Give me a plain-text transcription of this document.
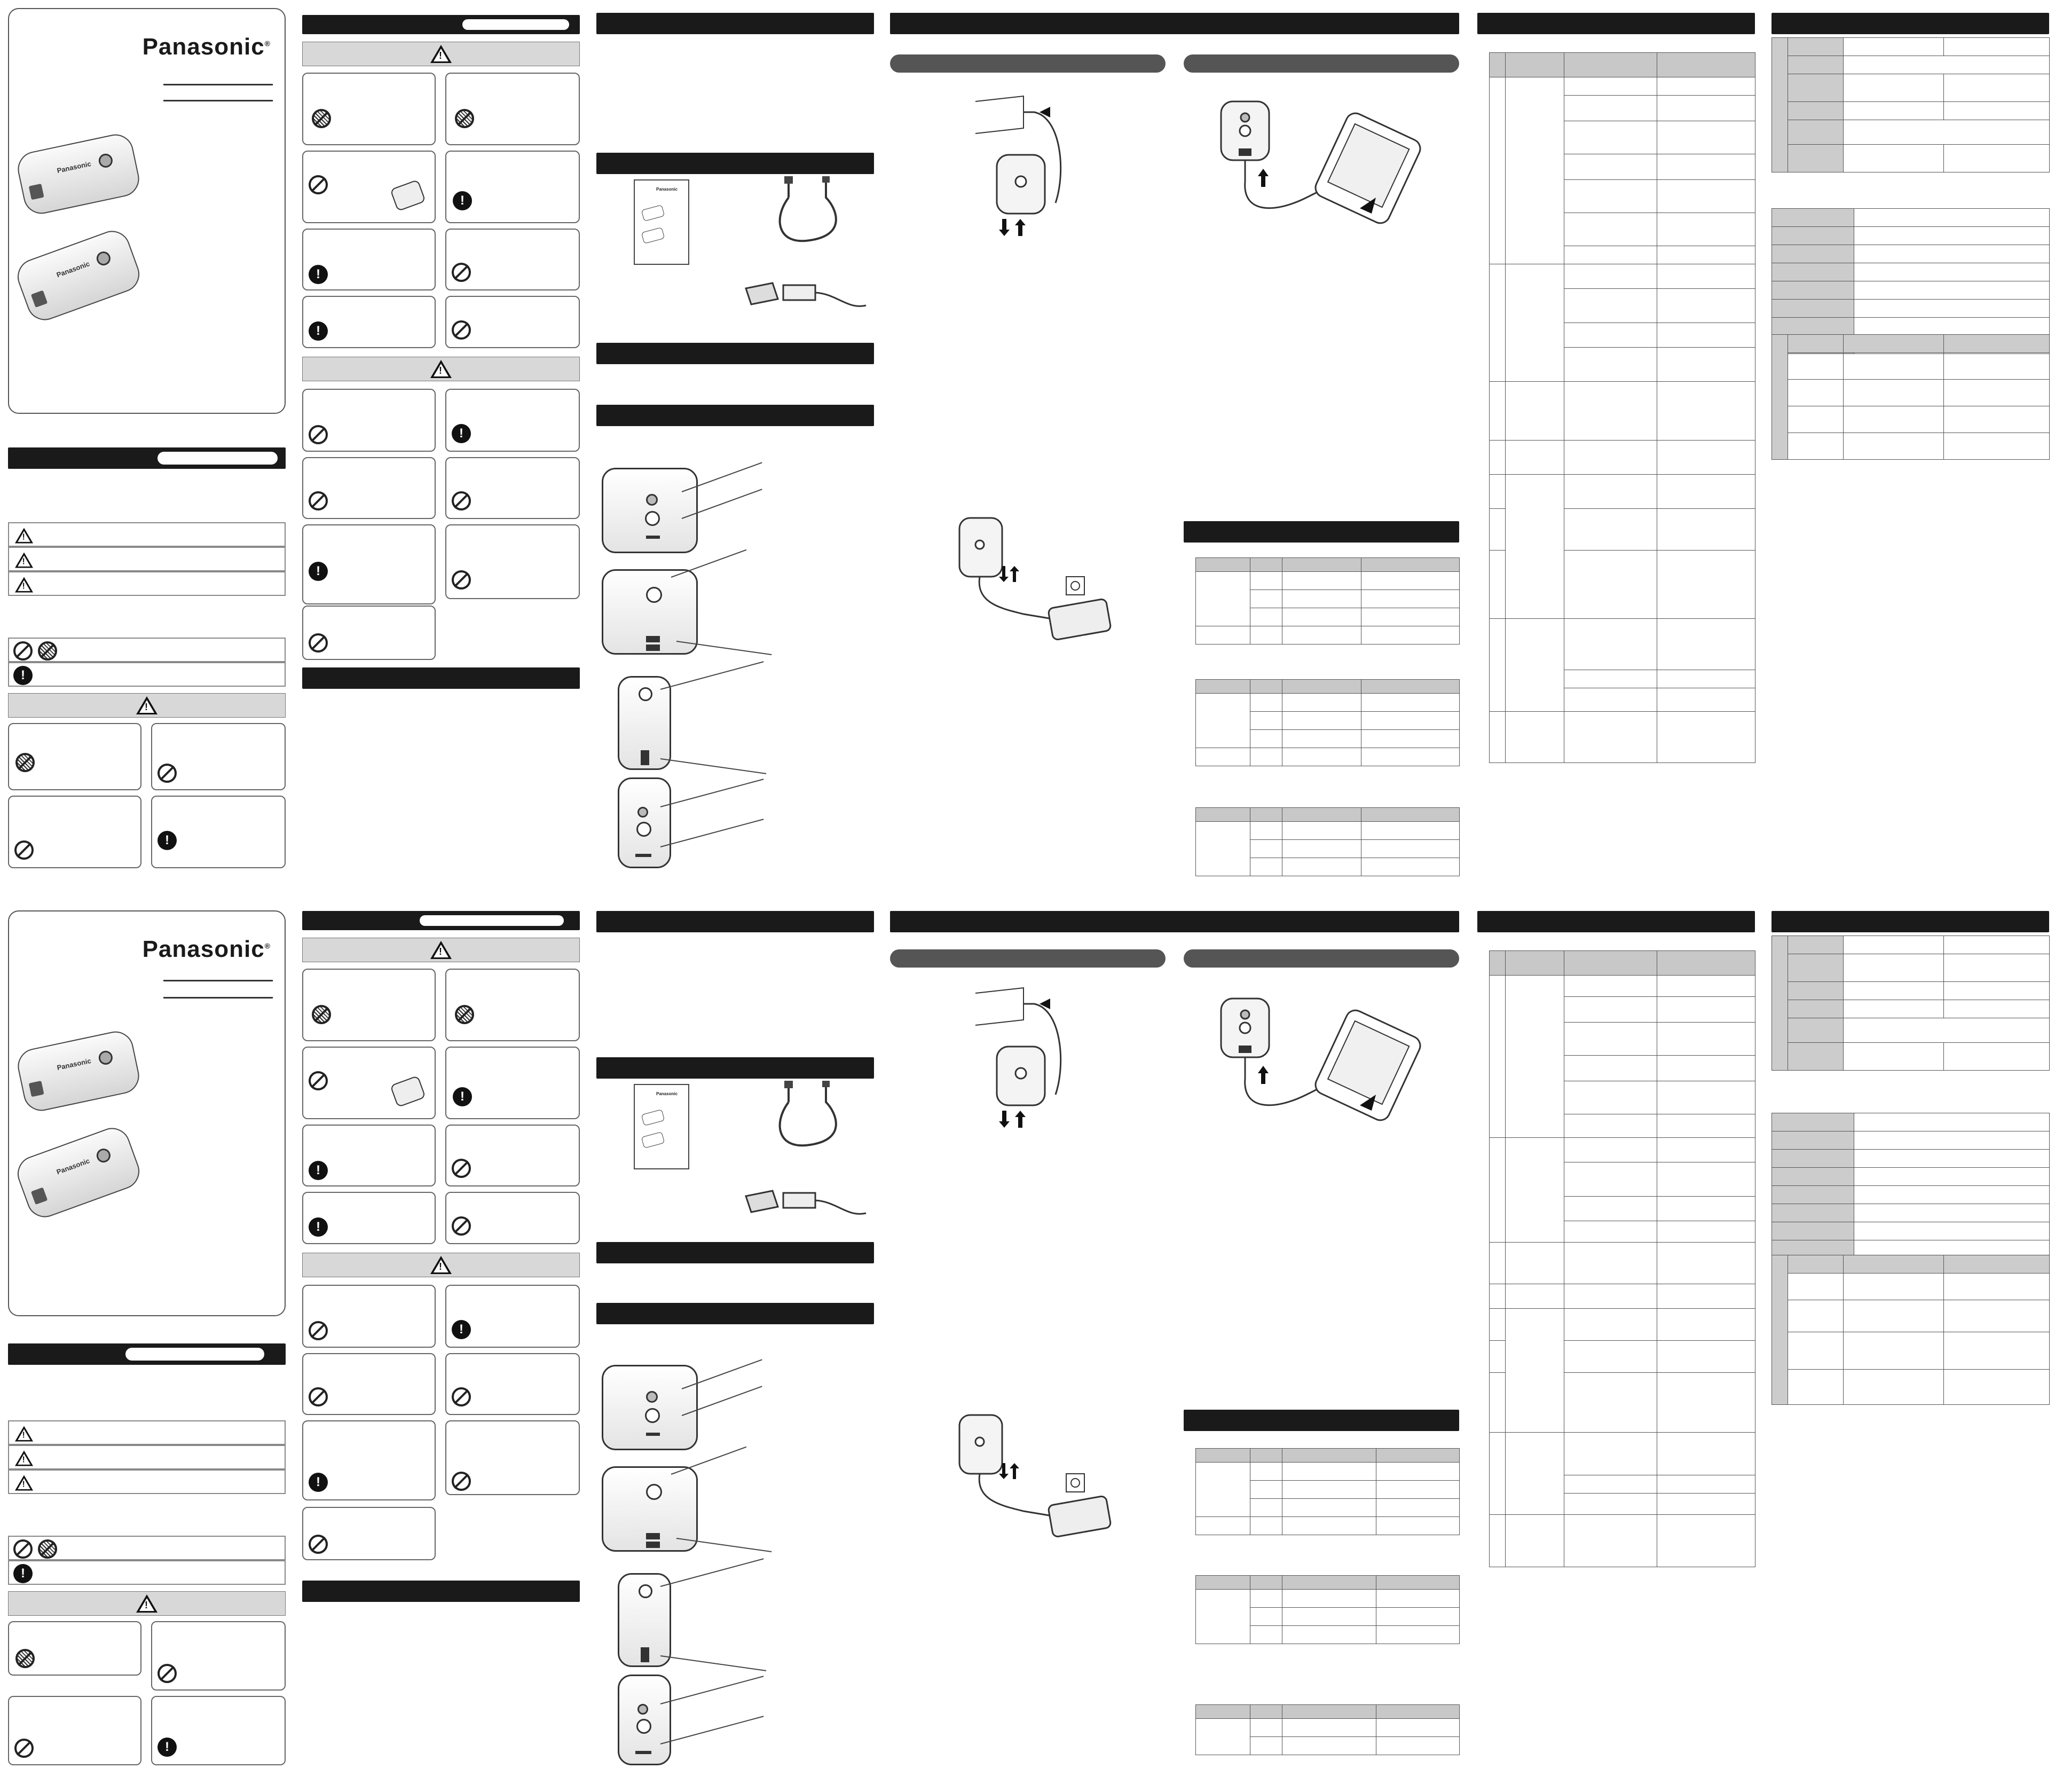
Panasonic®
Panasonic
Panasonic
!
!
!
!
!
!
!
!
!
!
!
!
!
Panasonic

Panasonic®
Panasonic
Panasonic
!
!
!
!
!
!
!
!
!
!
!
!
!
Panasonic
